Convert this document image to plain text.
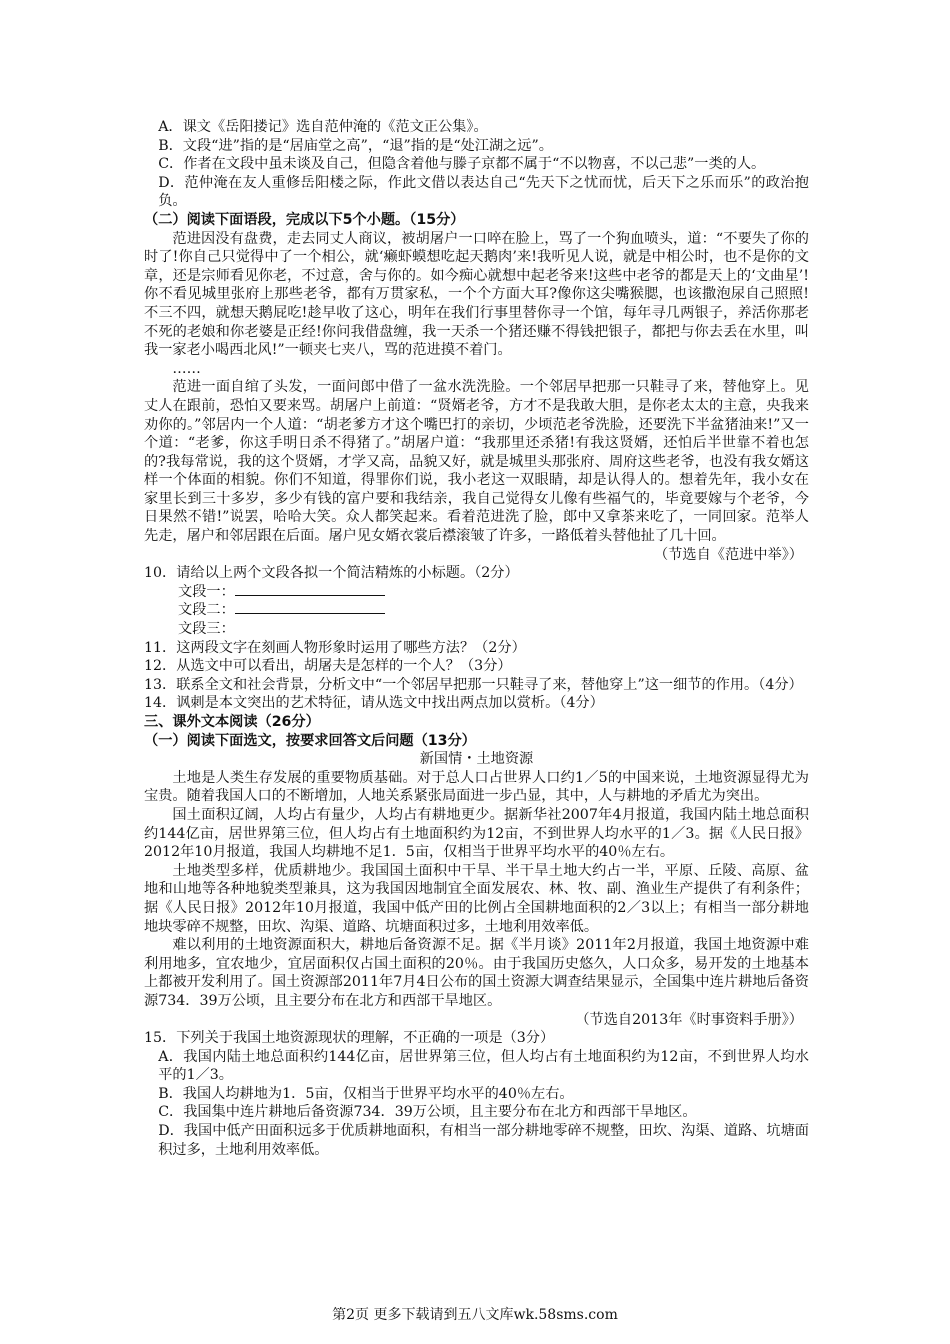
A．课文《岳阳搂记》选自范仲淹的《范文正公集》。

B．文段“进”指的是“居庙堂之高”，“退”指的是“处江湖之远”。

C．作者在文段中虽未谈及自己，但隐含着他与滕子京都不属于“不以物喜，不以己悲”一类的人。

D．范仲淹在友人重修岳阳楼之际，作此文借以表达自己“先天下之忧而忧，后天下之乐而乐”的政治抱负。

（二）阅读下面语段，完成以下5个小题。（15分）

范进因没有盘费，走去同丈人商议，被胡屠户一口啐在脸上，骂了一个狗血喷头，道：“不要失了你的时了!你自己只觉得中了一个相公，就‘癞虾蟆想吃起天鹅肉’来!我听见人说，就是中相公时，也不是你的文章，还是宗师看见你老，不过意，舍与你的。如今痴心就想中起老爷来!这些中老爷的都是天上的‘文曲星’!你不看见城里张府上那些老爷，都有万贯家私，一个个方面大耳?像你这尖嘴猴腮，也该撒泡尿自己照照!不三不四，就想天鹅屁吃!趁早收了这心，明年在我们行事里替你寻一个馆，每年寻几两银子，养活你那老不死的老娘和你老婆是正经!你问我借盘缠，我一天杀一个猪还赚不得钱把银子，都把与你去丢在水里，叫我一家老小喝西北风!”一顿夹七夹八，骂的范进摸不着门。

……

范进一面自绾了头发，一面问郎中借了一盆水洗洗脸。一个邻居早把那一只鞋寻了来，替他穿上。见丈人在跟前，恐怕又要来骂。胡屠户上前道：“贤婿老爷，方才不是我敢大胆，是你老太太的主意，央我来劝你的。”邻居内一个人道：“胡老爹方才这个嘴巴打的亲切，少顷范老爷洗脸，还要洗下半盆猪油来!”又一个道：“老爹，你这手明日杀不得猪了。”胡屠户道：“我那里还杀猪!有我这贤婿，还怕后半世靠不着也怎的?我每常说，我的这个贤婿，才学又高，品貌又好，就是城里头那张府、周府这些老爷，也没有我女婿这样一个体面的相貌。你们不知道，得罪你们说，我小老这一双眼睛，却是认得人的。想着先年，我小女在家里长到三十多岁，多少有钱的富户要和我结亲，我自己觉得女儿像有些福气的，毕竟要嫁与个老爷，今日果然不错!”说罢，哈哈大笑。众人都笑起来。看着范进洗了脸，郎中又拿茶来吃了，一同回家。范举人先走，屠户和邻居跟在后面。屠户见女婿衣裳后襟滚皱了许多，一路低着头替他扯了几十回。

（节选自《范进中举》）

10．请给以上两个文段各拟一个简洁精炼的小标题。（2分）

文段一：

文段二：

文段三：

11．这两段文字在刻画人物形象时运用了哪些方法？（2分）

12．从选文中可以看出，胡屠夫是怎样的一个人？（3分）

13．联系全文和社会背景，分析文中“一个邻居早把那一只鞋寻了来，替他穿上”这一细节的作用。（4分）

14．讽刺是本文突出的艺术特征，请从选文中找出两点加以赏析。（4分）

三、课外文本阅读（26分）

（一）阅读下面选文，按要求回答文后问题（13分）

新国情・土地资源

土地是人类生存发展的重要物质基础。对于总人口占世界人口约1／5的中国来说，土地资源显得尤为宝贵。随着我国人口的不断增加，人地关系紧张局面进一步凸显，其中，人与耕地的矛盾尤为突出。

国土面积辽阔，人均占有量少，人均占有耕地更少。据新华社2007年4月报道，我国内陆土地总面积约144亿亩，居世界第三位，但人均占有土地面积约为12亩，不到世界人均水平的1／3。据《人民日报》2012年10月报道，我国人均耕地不足1．5亩，仅相当于世界平均水平的40％左右。

土地类型多样，优质耕地少。我国国土面积中干旱、半干旱土地大约占一半，平原、丘陵、高原、盆地和山地等各种地貌类型兼具，这为我国因地制宜全面发展农、林、牧、副、渔业生产提供了有利条件；据《人民日报》2012年10月报道，我国中低产田的比例占全国耕地面积的2／3以上；有相当一部分耕地地块零碎不规整，田坎、沟渠、道路、坑塘面积过多，土地利用效率低。

难以利用的土地资源面积大，耕地后备资源不足。据《半月谈》2011年2月报道，我国土地资源中难利用地多，宜农地少，宜居面积仅占国土面积的20％。由于我国历史悠久，人口众多，易开发的土地基本上都被开发利用了。国土资源部2011年7月4日公布的国土资源大调查结果显示，全国集中连片耕地后备资源734．39万公顷，且主要分布在北方和西部干旱地区。

（节选自2013年《时事资料手册》）

15．下列关于我国土地资源现状的理解，不正确的一项是（3分）

A．我国内陆土地总面积约144亿亩，居世界第三位，但人均占有土地面积约为12亩，不到世界人均水平的1／3。

B．我国人均耕地为1．5亩，仅相当于世界平均水平的40％左右。

C．我国集中连片耕地后备资源734．39万公顷，且主要分布在北方和西部干旱地区。

D．我国中低产田面积远多于优质耕地面积，有相当一部分耕地零碎不规整，田坎、沟渠、道路、坑塘面积过多，土地利用效率低。

第2页 更多下载请到五八文库wk.58sms.com
